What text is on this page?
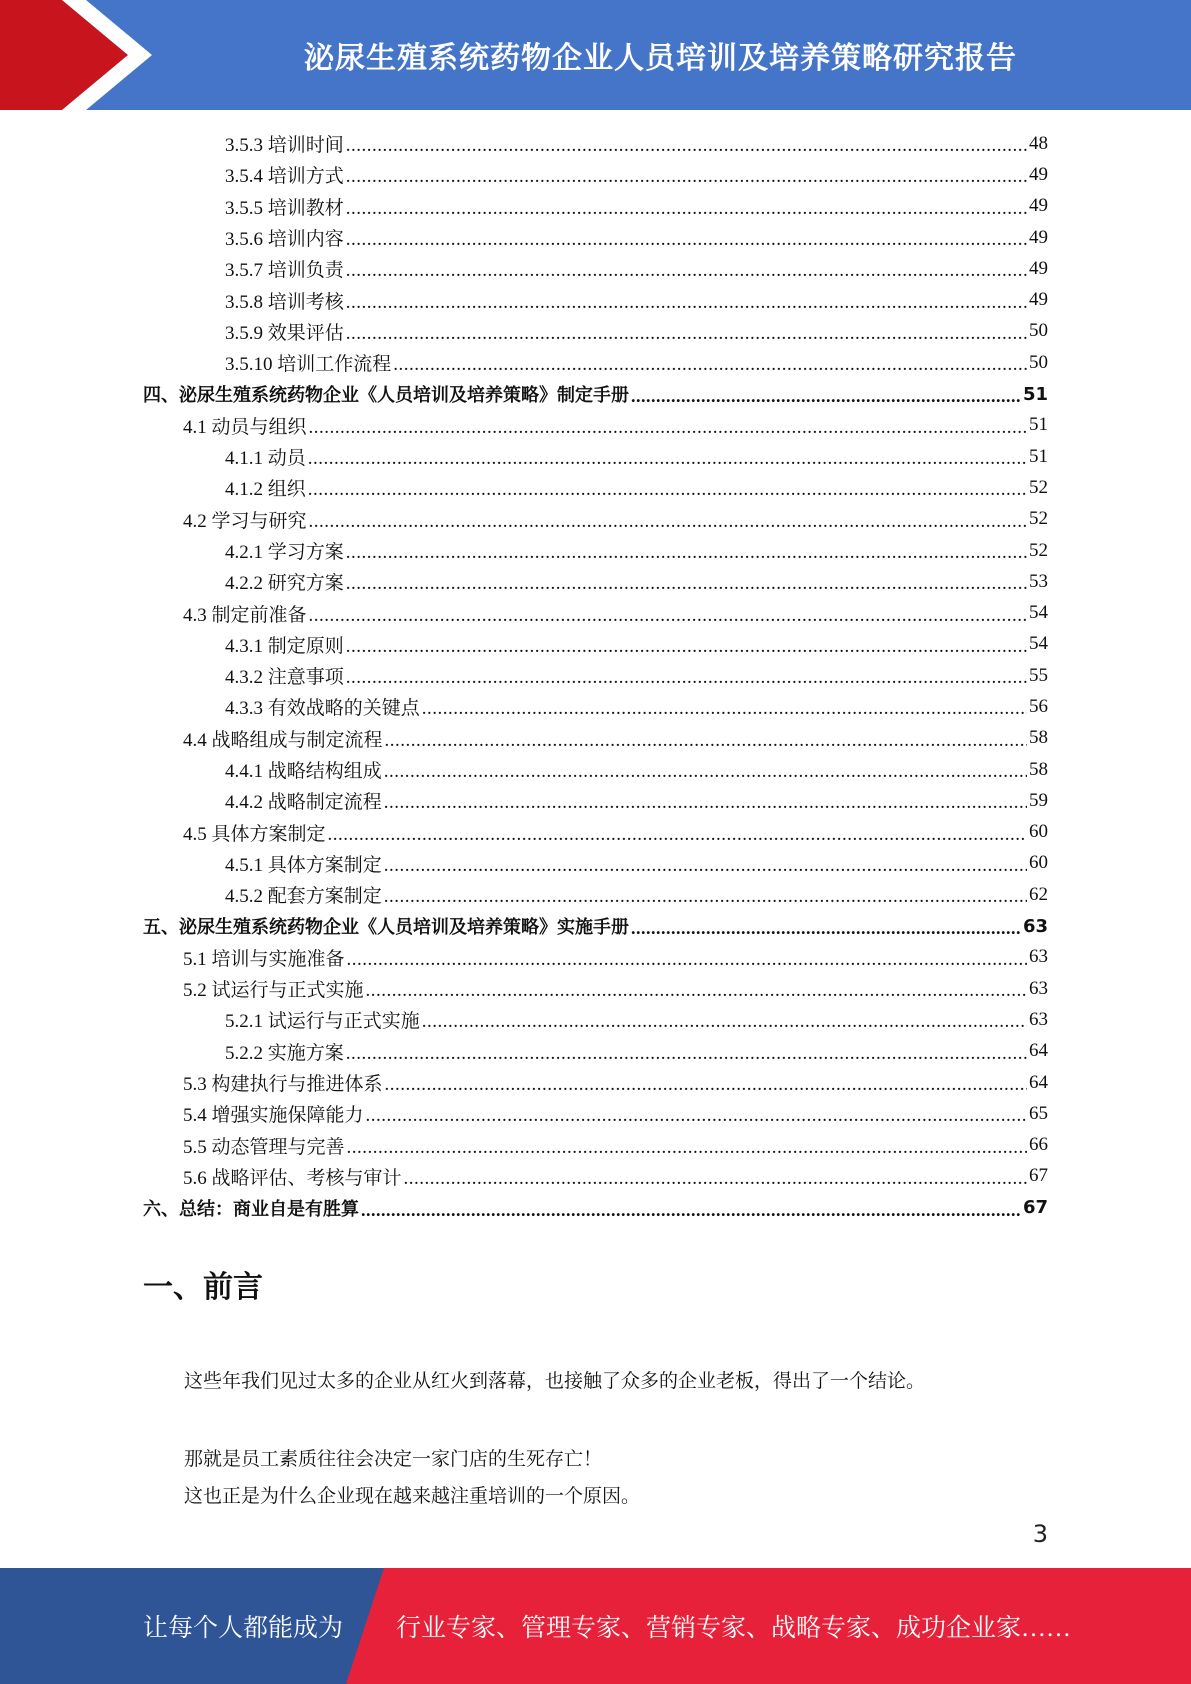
泌尿生殖系统药物企业人员培训及培养策略研究报告
3.5.3 培训时间 .....	48
3.5.4 培训方式 .....	49
3.5.5 培训教材 .....	49
3.5.6 培训内容 .....	49
3.5.7 培训负责 .....	49
3.5.8 培训考核 .....	49
3.5.9 效果评估 .....	50
3.5.10 培训工作流程 .....	50
四、泌尿生殖系统药物企业《人员培训及培养策略》制定手册 .....	51
4.1 动员与组织 .....	51
4.1.1 动员 .....	51
4.1.2 组织 .....	52
4.2 学习与研究 .....	52
4.2.1 学习方案 .....	52
4.2.2 研究方案 .....	53
4.3 制定前准备 .....	54
4.3.1 制定原则 .....	54
4.3.2 注意事项 .....	55
4.3.3 有效战略的关键点 .....	56
4.4 战略组成与制定流程 .....	58
4.4.1 战略结构组成 .....	58
4.4.2 战略制定流程 .....	59
4.5 具体方案制定 .....	60
4.5.1 具体方案制定 .....	60
4.5.2 配套方案制定 .....	62
五、泌尿生殖系统药物企业《人员培训及培养策略》实施手册 .....	63
5.1 培训与实施准备 .....	63
5.2 试运行与正式实施 .....	63
5.2.1 试运行与正式实施 .....	63
5.2.2 实施方案 .....	64
5.3 构建执行与推进体系 .....	64
5.4 增强实施保障能力 .....	65
5.5 动态管理与完善 .....	66
5.6 战略评估、考核与审计 .....	67
六、总结：商业自是有胜算 .....	67
一、前言

这些年我们见过太多的企业从红火到落幕，也接触了众多的企业老板，得出了一个结论。

那就是员工素质往往会决定一家门店的生死存亡！

这也正是为什么企业现在越来越注重培训的一个原因。

3
让每个人都能成为 行业专家、管理专家、营销专家、战略专家、成功企业家……
